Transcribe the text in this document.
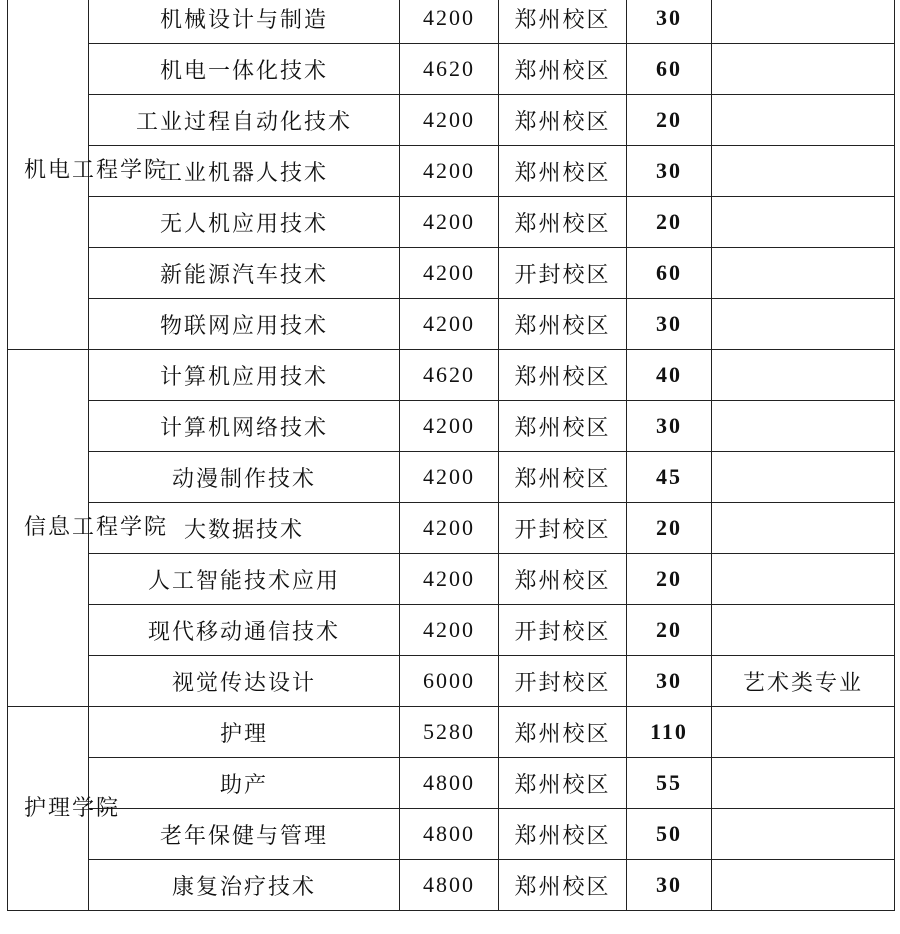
机电工程学院	机械设计与制造	4200	郑州校区	30	
	机电一体化技术	4620	郑州校区	60	
	工业过程自动化技术	4200	郑州校区	20	
	工业机器人技术	4200	郑州校区	30	
	无人机应用技术	4200	郑州校区	20	
	新能源汽车技术	4200	开封校区	60	
	物联网应用技术	4200	郑州校区	30	
信息工程学院	计算机应用技术	4620	郑州校区	40	
	计算机网络技术	4200	郑州校区	30	
	动漫制作技术	4200	郑州校区	45	
	大数据技术	4200	开封校区	20	
	人工智能技术应用	4200	郑州校区	20	
	现代移动通信技术	4200	开封校区	20	
	视觉传达设计	6000	开封校区	30	艺术类专业
护理学院	护理	5280	郑州校区	110	
	助产	4800	郑州校区	55	
	老年保健与管理	4800	郑州校区	50	
	康复治疗技术	4800	郑州校区	30	
